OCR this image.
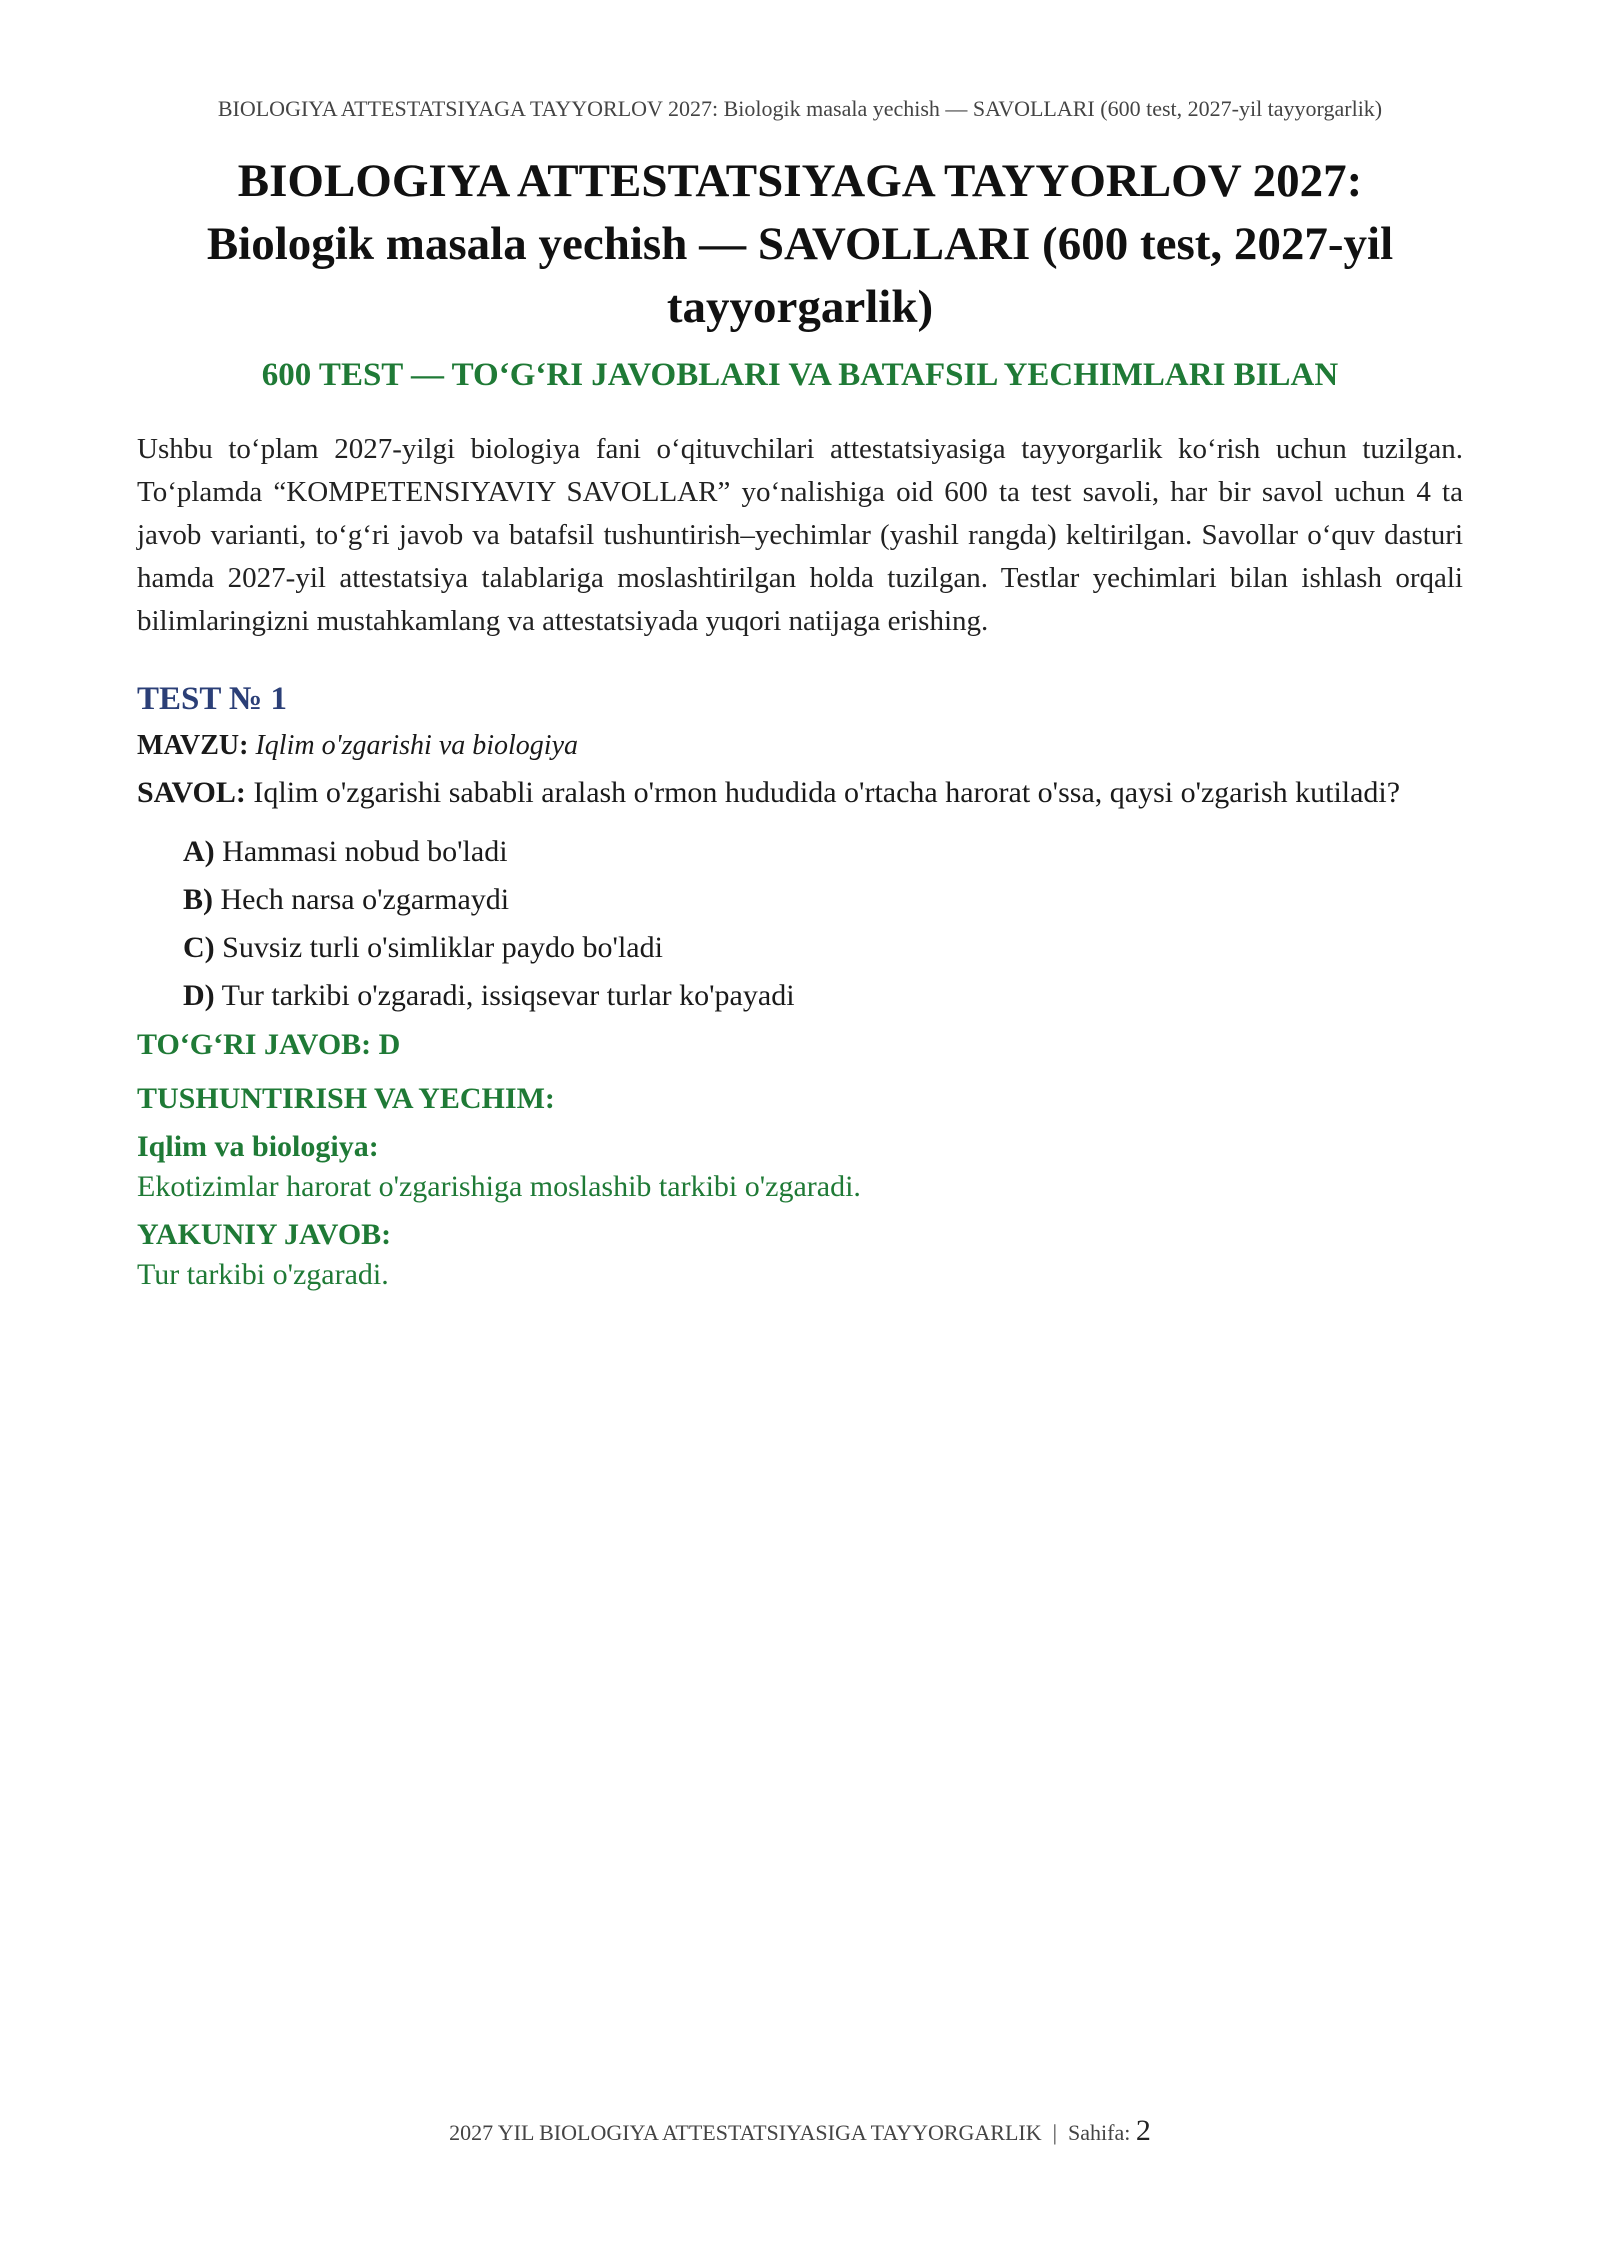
BIOLOGIYA ATTESTATSIYAGA TAYYORLOV 2027: Biologik masala yechish — SAVOLLARI (600 test, 2027-yil tayyorgarlik)
BIOLOGIYA ATTESTATSIYAGA TAYYORLOV 2027:
Biologik masala yechish — SAVOLLARI (600 test, 2027-yil
tayyorgarlik)

600 TEST — TO‘G‘RI JAVOBLARI VA BATAFSIL YECHIMLARI BILAN

Ushbu to‘plam 2027-yilgi biologiya fani o‘qituvchilari attestatsiyasiga tayyorgarlik ko‘rish uchun tuzilgan. To‘plamda “KOMPETENSIYAVIY SAVOLLAR” yo‘nalishiga oid 600 ta test savoli, har bir savol uchun 4 ta javob varianti, to‘g‘ri javob va batafsil tushuntirish–yechimlar (yashil rangda) keltirilgan. Savollar o‘quv dasturi hamda 2027-yil attestatsiya talablariga moslashtirilgan holda tuzilgan. Testlar yechimlari bilan ishlash orqali bilimlaringizni mustahkamlang va attestatsiyada yuqori natijaga erishing.

TEST № 1

MAVZU: Iqlim o'zgarishi va biologiya

SAVOL: Iqlim o'zgarishi sababli aralash o'rmon hududida o'rtacha harorat o'ssa, qaysi o'zgarish kutiladi?

A) Hammasi nobud bo'ladi
B) Hech narsa o'zgarmaydi
C) Suvsiz turli o'simliklar paydo bo'ladi
D) Tur tarkibi o'zgaradi, issiqsevar turlar ko'payadi

TO‘G‘RI JAVOB: D

TUSHUNTIRISH VA YECHIM:

Iqlim va biologiya:

Ekotizimlar harorat o'zgarishiga moslashib tarkibi o'zgaradi.

YAKUNIY JAVOB:

Tur tarkibi o'zgaradi.

2027 YIL BIOLOGIYA ATTESTATSIYASIGA TAYYORGARLIK | Sahifa: 2
